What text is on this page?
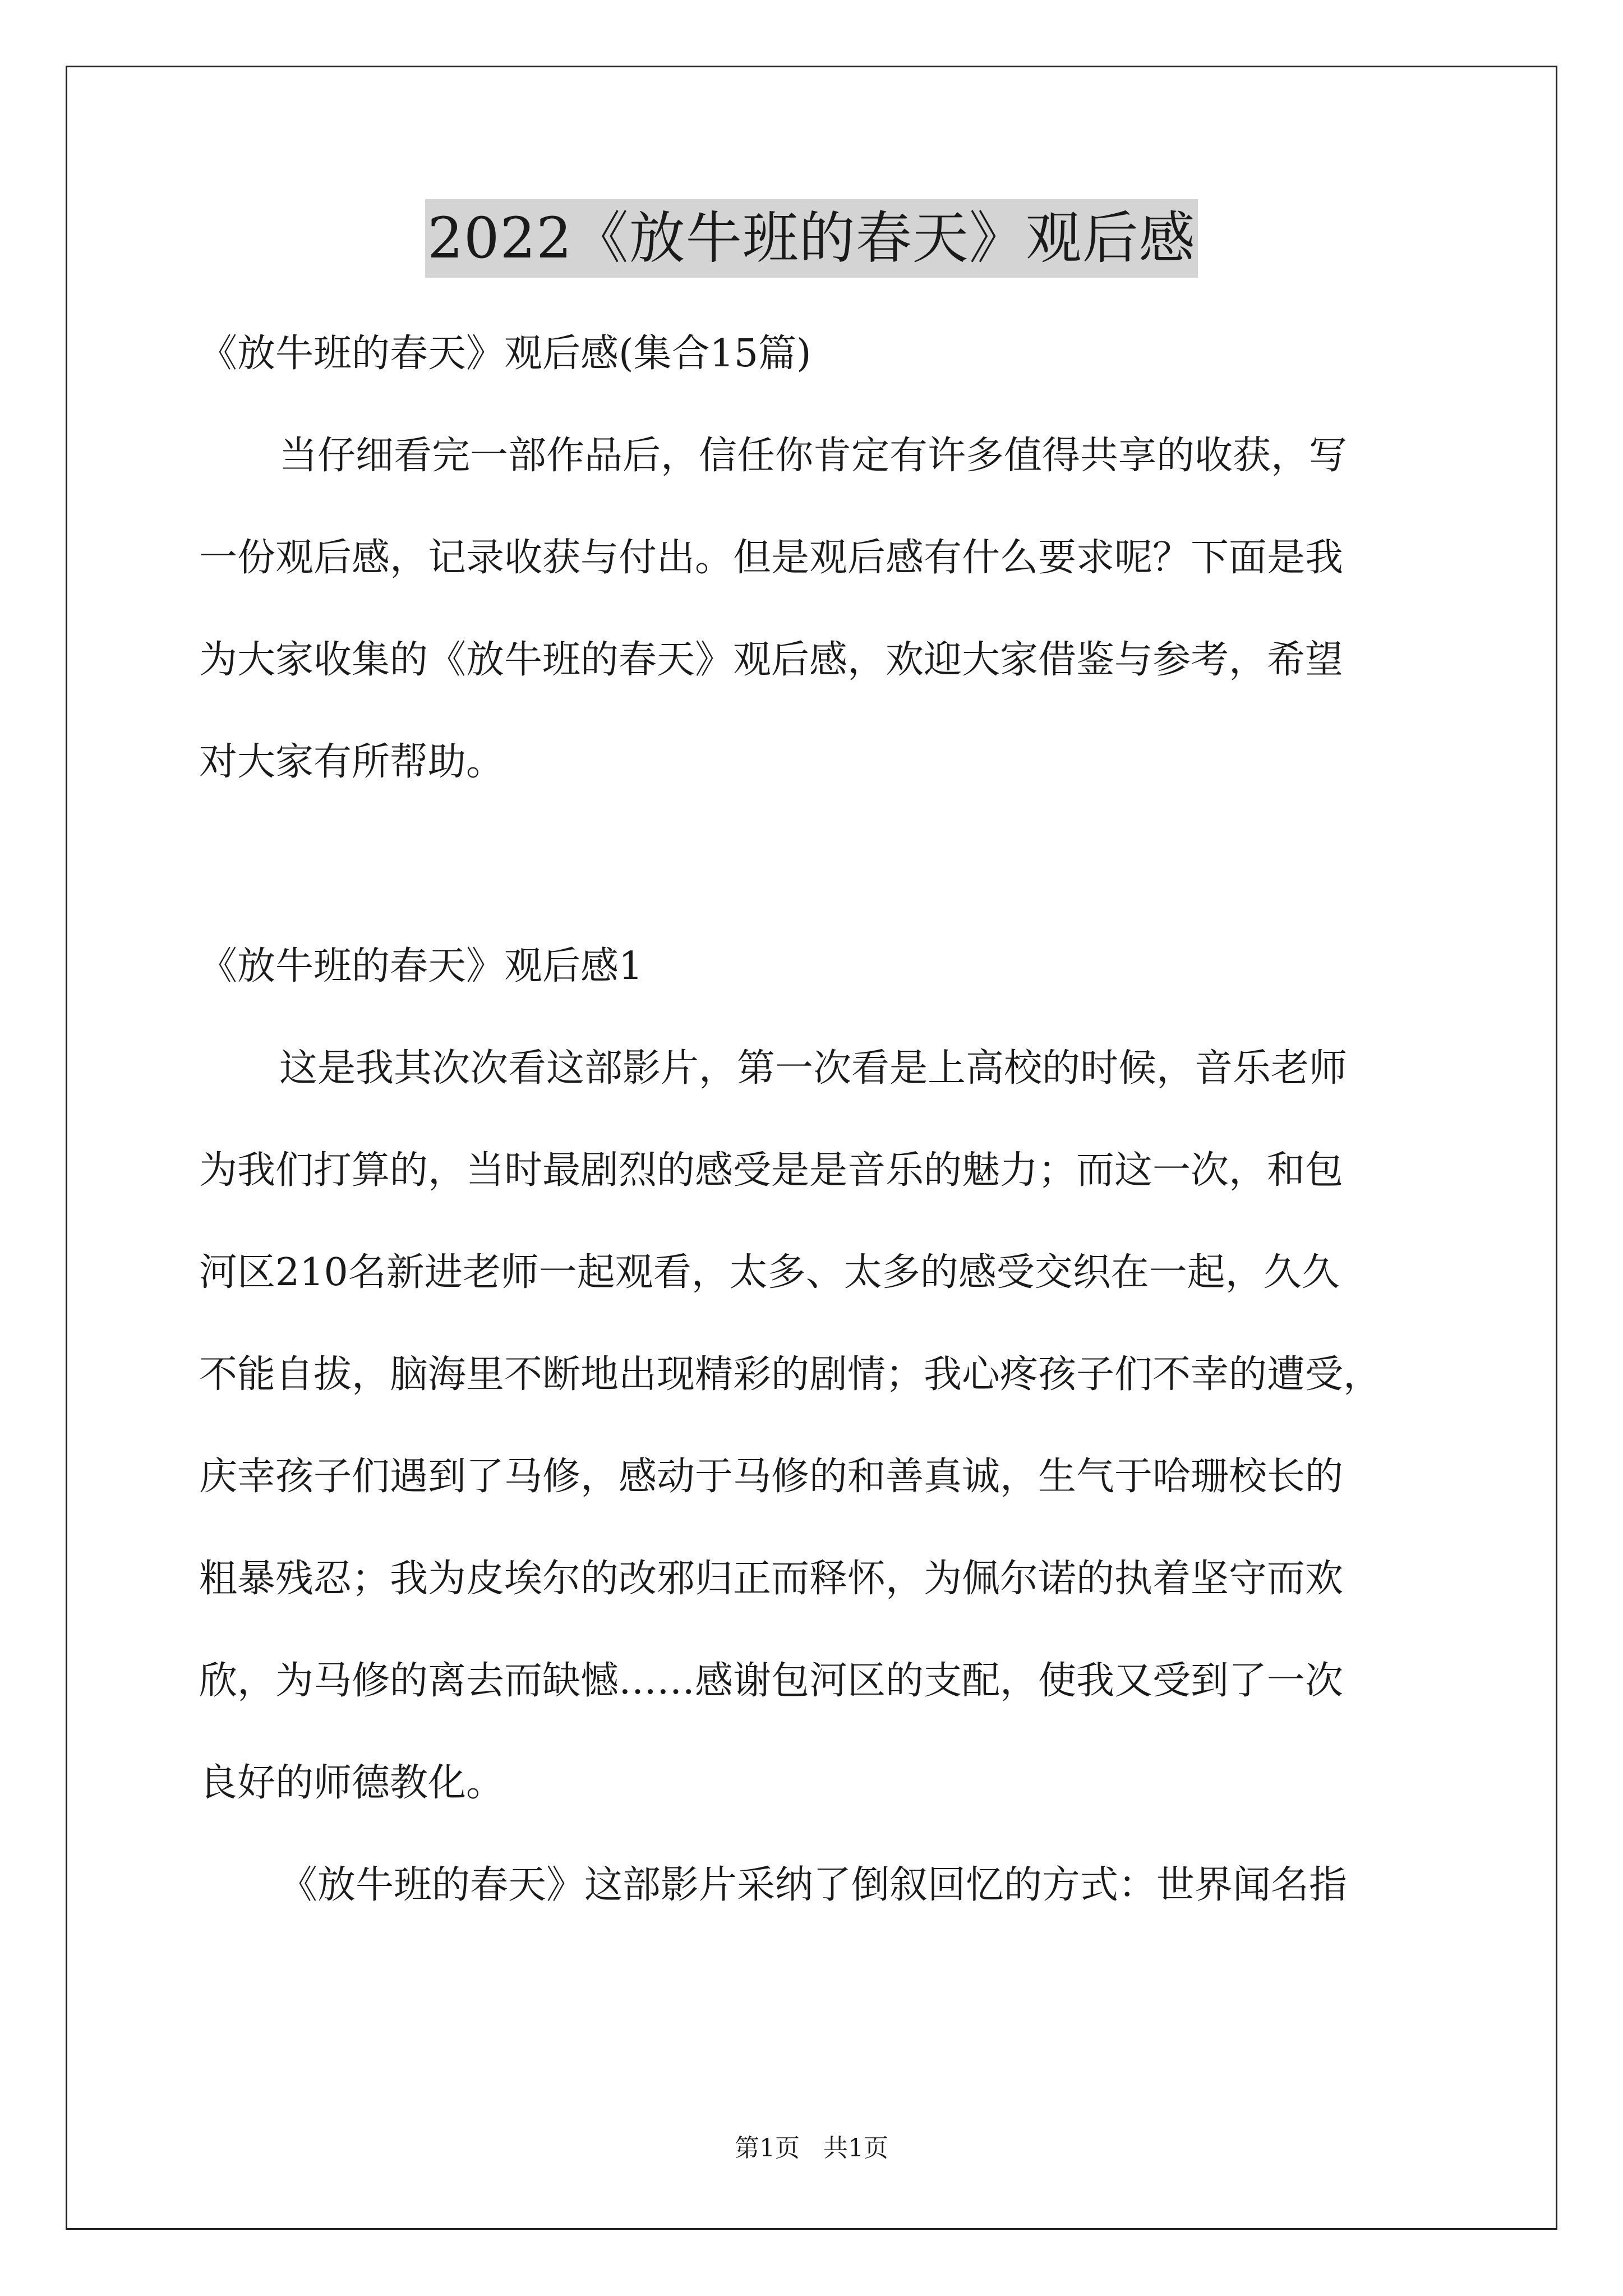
2022《放牛班的春天》观后感

《放牛班的春天》观后感(集合15篇)

当仔细看完一部作品后，信任你肯定有许多值得共享的收获，写

一份观后感，记录收获与付出。但是观后感有什么要求呢？下面是我

为大家收集的《放牛班的春天》观后感，欢迎大家借鉴与参考，希望

对大家有所帮助。

《放牛班的春天》观后感1

这是我其次次看这部影片，第一次看是上高校的时候，音乐老师

为我们打算的，当时最剧烈的感受是是音乐的魅力；而这一次，和包

河区210名新进老师一起观看，太多、太多的感受交织在一起，久久

不能自拔，脑海里不断地出现精彩的剧情；我心疼孩子们不幸的遭受，

庆幸孩子们遇到了马修，感动于马修的和善真诚，生气于哈珊校长的

粗暴残忍；我为皮埃尔的改邪归正而释怀，为佩尔诺的执着坚守而欢

欣，为马修的离去而缺憾……感谢包河区的支配，使我又受到了一次

良好的师德教化。

《放牛班的春天》这部影片采纳了倒叙回忆的方式：世界闻名指

第1页 共1页
